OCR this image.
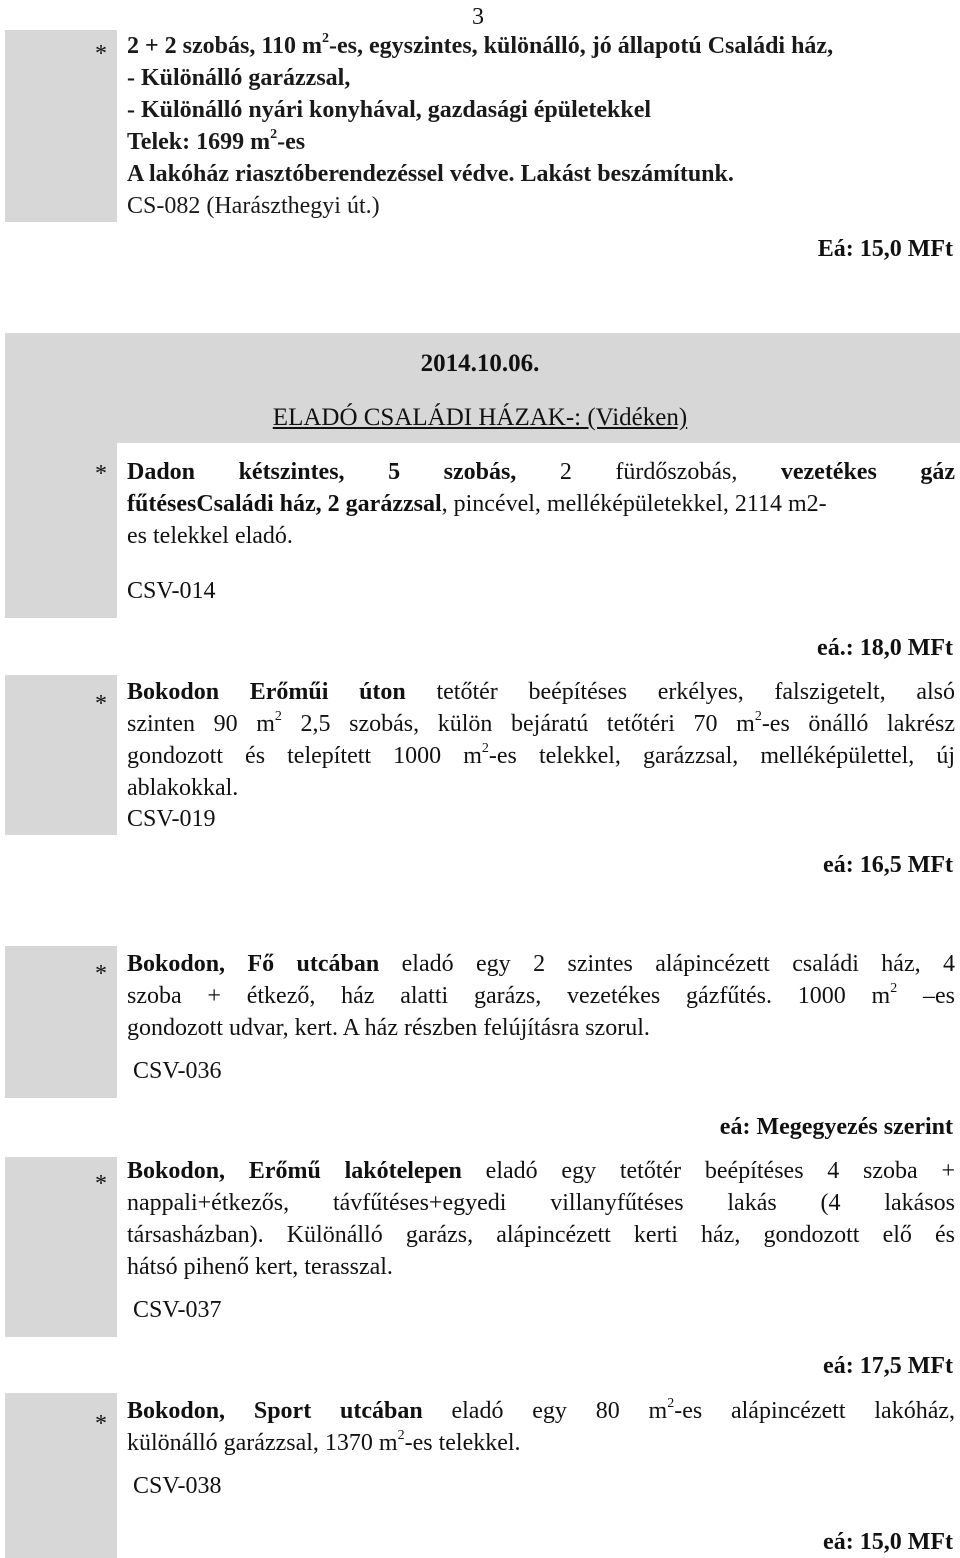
3
* 2 + 2 szobás, 110 $m^2-es$, egyszintes, különálló, jó állapotú Családi ház,
- Különálló garázzsal,
- Különálló nyári konyhával, gazdasági épületekkel
Telek: 1699 $m^2-es$
A lakóház riasztóberendezéssel védve. Lakást beszámítunk.
CS-082 (Harászthegyi út.)
Eá: 15,0 MFt
2014.10.06.
ELADÓ CSALÁDI HÁZAK-: (Vidéken)
* Dadon kétszintes, 5 szobás, 2 fürdőszobás, vezetékes gáz
fűtésesCsaládi ház, 2 garázzsal, pincével, melléképületekkel, 2114 m2-
es telekkel eladó.
CSV-014
eá.: 18,0 MFt
* Bokodon Erőműi úton tetőtér beépítéses erkélyes, falszigetelt, alsó
szinten 90 $m^2$ 2,5 szobás, külön bejáratú tetőtéri 70 $m^2-es$ önálló lakrész
gondozott és telepített 1000 $m^2-es$ telekkel, garázzsal, melléképülettel, új
ablakokkal.
CSV-019
eá: 16,5 MFt
* Bokodon, Fő utcában eladó egy 2 szintes alápincézett családi ház, 4
szoba + étkező, ház alatti garázs, vezetékes gázfűtés. 1000 $m^2$ –es
gondozott udvar, kert. A ház részben felújításra szorul.
CSV-036
eá: Megegyezés szerint
* Bokodon, Erőmű lakótelepen eladó egy tetőtér beépítéses 4 szoba +
nappali+étkezős, távfűtéses+egyedi villanyfűtéses lakás (4 lakásos
társasházban). Különálló garázs, alápincézett kerti ház, gondozott elő és
hátsó pihenő kert, terasszal.
CSV-037
eá: 17,5 MFt
* Bokodon, Sport utcában eladó egy 80 $m^2-es$ alápincézett lakóház,
különálló garázzsal, 1370 $m^2-es$ telekkel.
CSV-038
eá: 15,0 MFt
